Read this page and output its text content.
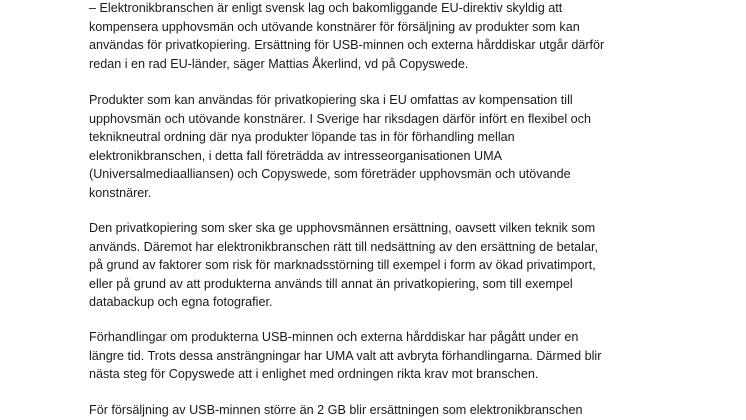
– Elektronikbranschen är enligt svensk lag och bakomliggande EU-direktiv skyldig att
kompensera upphovsmän och utövande konstnärer för försäljning av produkter som kan
användas för privatkopiering. Ersättning för USB-minnen och externa hårddiskar utgår därför
redan i en rad EU-länder, säger Mattias Åkerlind, vd på Copyswede.

Produkter som kan användas för privatkopiering ska i EU omfattas av kompensation till
upphovsmän och utövande konstnärer. I Sverige har riksdagen därför infört en flexibel och
teknikneutral ordning där nya produkter löpande tas in för förhandling mellan
elektronikbranschen, i detta fall företrädda av intresseorganisationen UMA
(Universalmediaalliansen) och Copyswede, som företräder upphovsmän och utövande
konstnärer.

Den privatkopiering som sker ska ge upphovsmännen ersättning, oavsett vilken teknik som
används. Däremot har elektronikbranschen rätt till nedsättning av den ersättning de betalar,
på grund av faktorer som risk för marknadsstörning till exempel i form av ökad privatimport,
eller på grund av att produkterna används till annat än privatkopiering, som till exempel
databackup och egna fotografier.

Förhandlingar om produkterna USB-minnen och externa hårddiskar har pågått under en
längre tid. Trots dessa ansträngningar har UMA valt att avbryta förhandlingarna. Därmed blir
nästa steg för Copyswede att i enlighet med ordningen rikta krav mot branschen.

För försäljning av USB-minnen större än 2 GB blir ersättningen som elektronikbranschen
